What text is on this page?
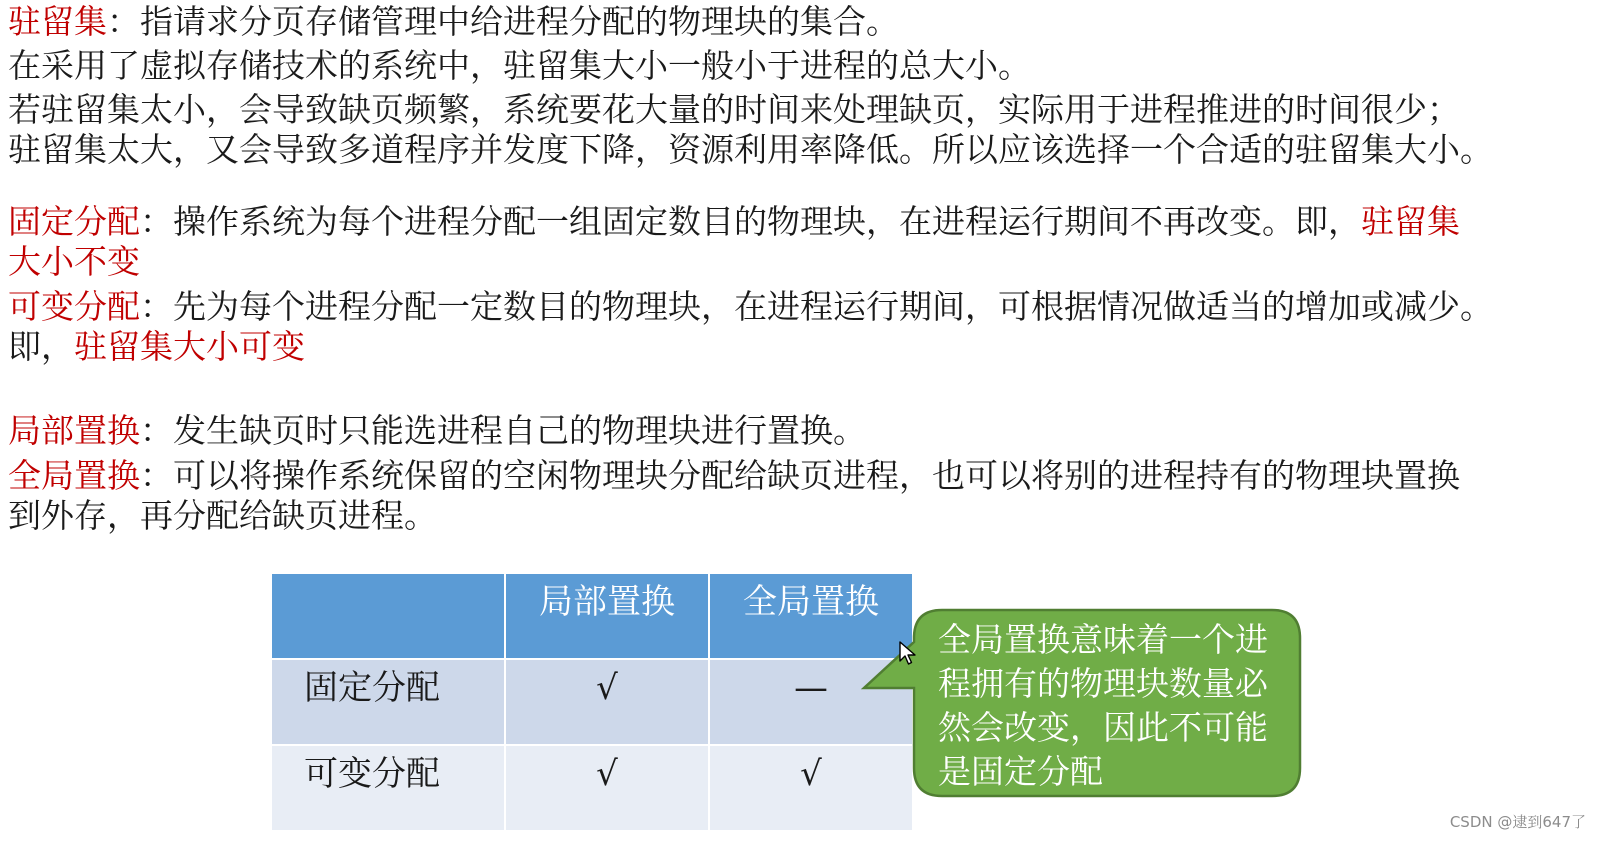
驻留集：指请求分页存储管理中给进程分配的物理块的集合。
在采用了虚拟存储技术的系统中，驻留集大小一般小于进程的总大小。
若驻留集太小，会导致缺页频繁，系统要花大量的时间来处理缺页，实际用于进程推进的时间很少；
驻留集太大，又会导致多道程序并发度下降，资源利用率降低。所以应该选择一个合适的驻留集大小。
固定分配：操作系统为每个进程分配一组固定数目的物理块，在进程运行期间不再改变。即，驻留集
大小不变
可变分配：先为每个进程分配一定数目的物理块，在进程运行期间，可根据情况做适当的增加或减少。
即，驻留集大小可变
局部置换：发生缺页时只能选进程自己的物理块进行置换。
全局置换：可以将操作系统保留的空闲物理块分配给缺页进程，也可以将别的进程持有的物理块置换
到外存，再分配给缺页进程。
	局部置换	全局置换
固定分配	√	—
可变分配	√	√
全局置换意味着一个进程拥有的物理块数量必然会改变，因此不可能是固定分配
CSDN @逮到647了
